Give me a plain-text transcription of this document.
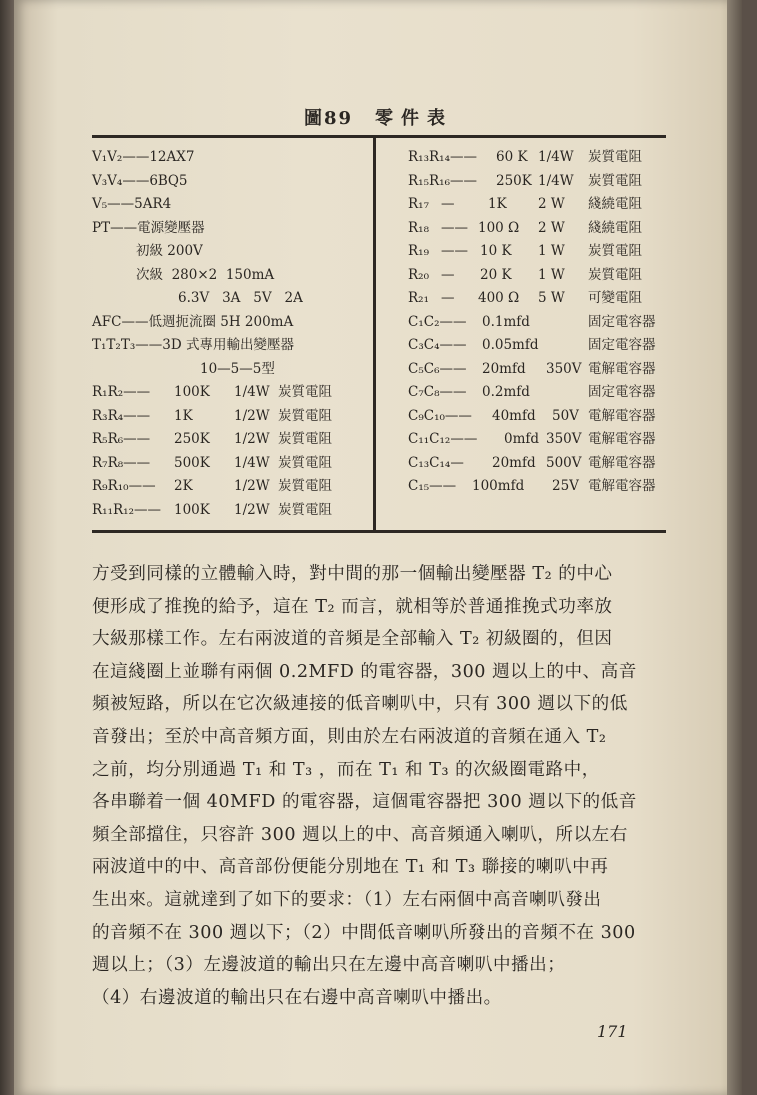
圖89 零件表
V₁V₂——12AX7
V₃V₄——6BQ5
V₅——5AR4
PT——電源變壓器
初級 200V
次級  280×2  150mA
6.3V   3A   5V   2A
AFC——低週扼流圈 5H 200mA
T₁T₂T₃——3D 式專用輸出變壓器
10—5—5型
R₁R₂—— 100K 1/4W 炭質電阻
R₃R₄—— 1K	1/2W 炭質電阻
R₅R₆—— 250K 1/2W 炭質電阻
R₇R₈—— 500K 1/4W 炭質電阻
R₉R₁₀—— 2K	1/2W 炭質電阻
R₁₁R₁₂—— 100K 1/2W 炭質電阻
R₁₃R₁₄—— 60 K 1/4W 炭質電阻
R₁₅R₁₆—— 250K 1/4W 炭質電阻
R₁₇ — 1K 2 W 綫繞電阻
R₁₈ —— 100 Ω 2 W 綫繞電阻
R₁₉ —— 10 K 1 W 炭質電阻
R₂₀ — 20 K 1 W 炭質電阻
R₂₁ — 400 Ω 5 W 可變電阻
C₁C₂—— 0.1mfd	固定電容器
C₃C₄—— 0.05mfd	固定電容器
C₅C₆—— 20mfd 350V 電解電容器
C₇C₈—— 0.2mfd	固定電容器
C₉C₁₀—— 40mfd 50V 電解電容器
C₁₁C₁₂—— 0mfd 350V 電解電容器
C₁₃C₁₄— 20mfd 500V 電解電容器
C₁₅—— 100mfd 25V 電解電容器

方受到同樣的立體輸入時，對中間的那一個輸出變壓器 T₂ 的中心

便形成了推挽的給予，這在 T₂ 而言，就相等於普通推挽式功率放

大級那樣工作。左右兩波道的音頻是全部輸入 T₂ 初級圈的，但因

在這綫圈上並聯有兩個 0.2MFD 的電容器，300 週以上的中、高音

頻被短路，所以在它次級連接的低音喇叭中，只有 300 週以下的低

音發出；至於中高音頻方面，則由於左右兩波道的音頻在通入 T₂

之前，均分別通過 T₁ 和 T₃ ，而在 T₁ 和 T₃ 的次級圈電路中，

各串聯着一個 40MFD 的電容器，這個電容器把 300 週以下的低音

頻全部擋住，只容許 300 週以上的中、高音頻通入喇叭，所以左右

兩波道中的中、高音部份便能分別地在 T₁ 和 T₃ 聯接的喇叭中再

生出來。這就達到了如下的要求：（1）左右兩個中高音喇叭發出

的音頻不在 300 週以下；（2）中間低音喇叭所發出的音頻不在 300

週以上；（3）左邊波道的輸出只在左邊中高音喇叭中播出；

（4）右邊波道的輸出只在右邊中高音喇叭中播出。

171
